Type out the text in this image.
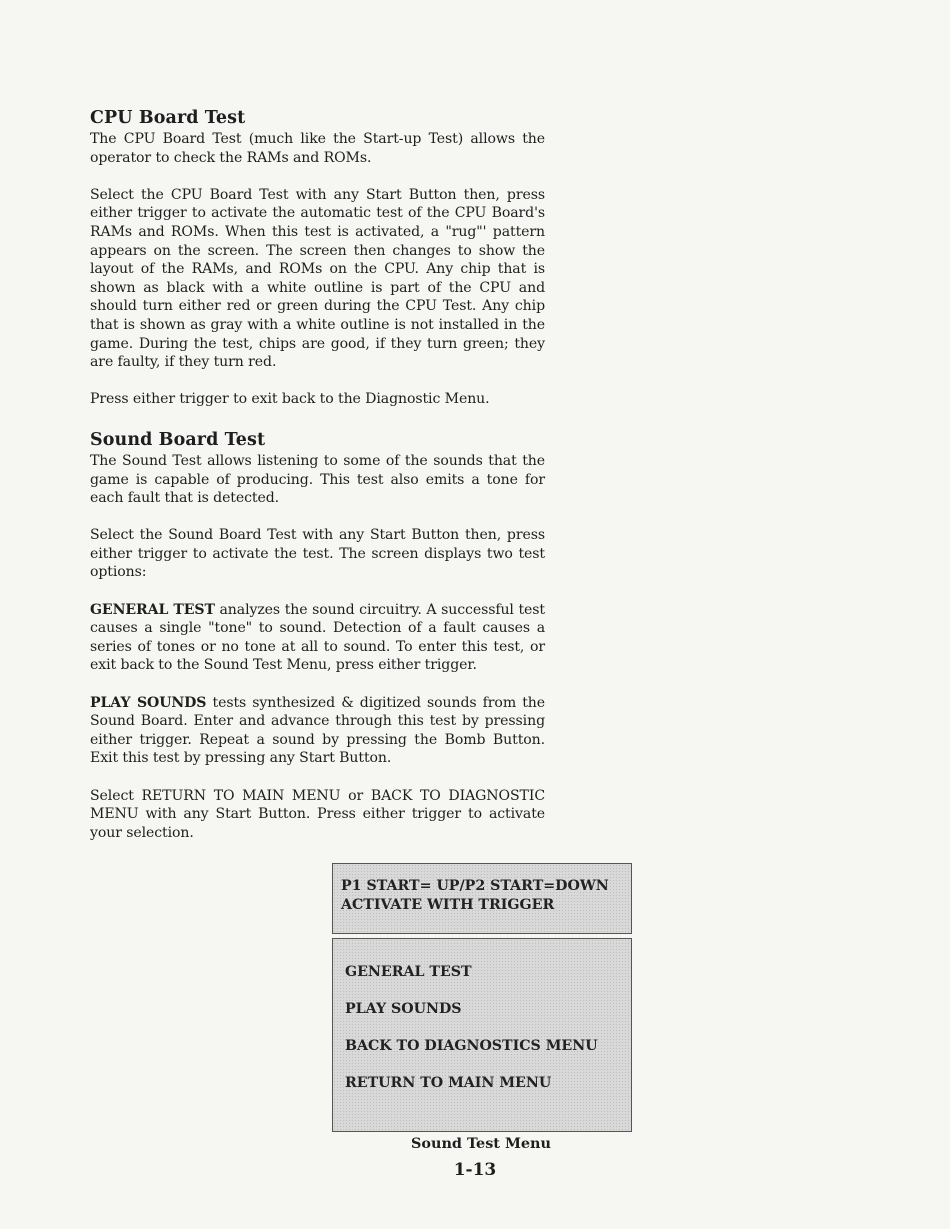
CPU Board Test

The CPU Board Test (much like the Start-up Test) allows the operator to check the RAMs and ROMs.

Select the CPU Board Test with any Start Button then, press either trigger to activate the automatic test of the CPU Board's RAMs and ROMs. When this test is activated, a "rug"' pattern appears on the screen. The screen then changes to show the layout of the RAMs, and ROMs on the CPU. Any chip that is shown as black with a white outline is part of the CPU and should turn either red or green during the CPU Test. Any chip that is shown as gray with a white outline is not installed in the game. During the test, chips are good, if they turn green; they are faulty, if they turn red.

Press either trigger to exit back to the Diagnostic Menu.

Sound Board Test

The Sound Test allows listening to some of the sounds that the game is capable of producing. This test also emits a tone for each fault that is detected.

Select the Sound Board Test with any Start Button then, press either trigger to activate the test. The screen displays two test options:

GENERAL TEST analyzes the sound circuitry. A successful test causes a single "tone" to sound. Detection of a fault causes a series of tones or no tone at all to sound. To enter this test, or exit back to the Sound Test Menu, press either trigger.

PLAY SOUNDS tests synthesized & digitized sounds from the Sound Board. Enter and advance through this test by pressing either trigger. Repeat a sound by pressing the Bomb Button. Exit this test by pressing any Start Button.

Select RETURN TO MAIN MENU or BACK TO DIAGNOSTIC MENU with any Start Button. Press either trigger to activate your selection.

P1 START= UP/P2 START=DOWN
ACTIVATE WITH TRIGGER
GENERAL TEST
PLAY SOUNDS
BACK TO DIAGNOSTICS MENU
RETURN TO MAIN MENU
Sound Test Menu
1-13
